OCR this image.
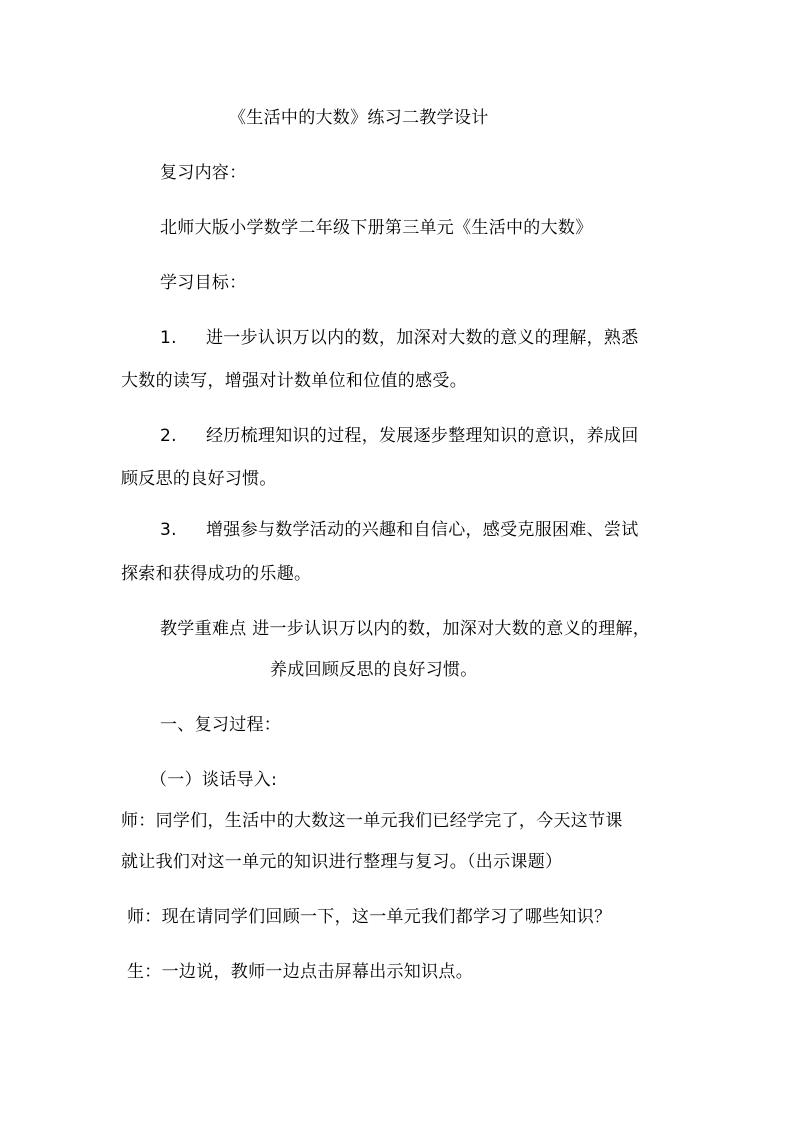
《生活中的大数》练习二教学设计
复习内容：
北师大版小学数学二年级下册第三单元《生活中的大数》
学习目标：
1. 进一步认识万以内的数，加深对大数的意义的理解，熟悉
大数的读写，增强对计数单位和位值的感受。
2. 经历梳理知识的过程，发展逐步整理知识的意识，养成回
顾反思的良好习惯。
3. 增强参与数学活动的兴趣和自信心，感受克服困难、尝试
探索和获得成功的乐趣。
教学重难点 进一步认识万以内的数，加深对大数的意义的理解，
养成回顾反思的良好习惯。
一、复习过程：
（一）谈话导入:
师：同学们，生活中的大数这一单元我们已经学完了，今天这节课
就让我们对这一单元的知识进行整理与复习。（出示课题）
师：现在请同学们回顾一下，这一单元我们都学习了哪些知识？
生：一边说，教师一边点击屏幕出示知识点。
